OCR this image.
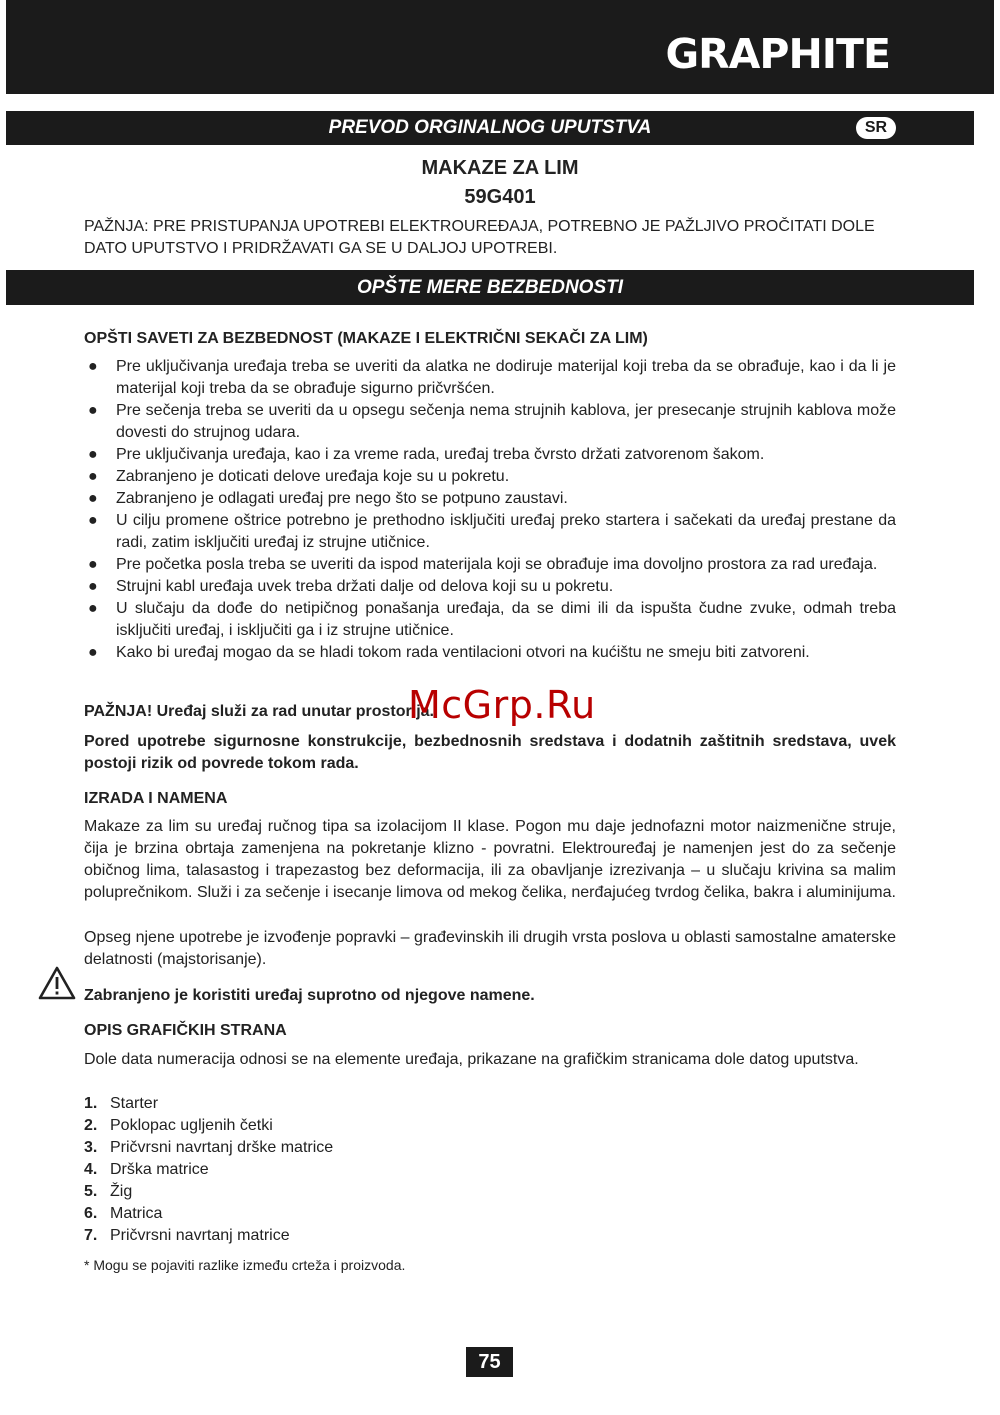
GRAPHITE
PREVOD ORGINALNOG UPUTSTVA	SR
MAKAZE ZA LIM
59G401
PAŽNJA: PRE PRISTUPANJA UPOTREBI ELEKTROUREĐAJA, POTREBNO JE PAŽLJIVO PROČITATI DOLE DATO UPUTSTVO I PRIDRŽAVATI GA SE U DALJOJ UPOTREBI.
OPŠTE MERE BEZBEDNOSTI
OPŠTI SAVETI ZA BEZBEDNOST (MAKAZE I ELEKTRIČNI SEKAČI ZA LIM)
● Pre uključivanja uređaja treba se uveriti da alatka ne dodiruje materijal koji treba da se obrađuje, kao i da li je materijal koji treba da se obrađuje sigurno pričvršćen.
● Pre sečenja treba se uveriti da u opsegu sečenja nema strujnih kablova, jer presecanje strujnih kablova može dovesti do strujnog udara.
● Pre uključivanja uređaja, kao i za vreme rada, uređaj treba čvrsto držati zatvorenom šakom.
● Zabranjeno je doticati delove uređaja koje su u pokretu.
● Zabranjeno je odlagati uređaj pre nego što se potpuno zaustavi.
● U cilju promene oštrice potrebno je prethodno isključiti uređaj preko startera i sačekati da uređaj prestane da radi, zatim isključiti uređaj iz strujne utičnice.
● Pre početka posla treba se uveriti da ispod materijala koji se obrađuje ima dovoljno prostora za rad uređaja.
● Strujni kabl uređaja uvek treba držati dalje od delova koji su u pokretu.
● U slučaju da dođe do netipičnog ponašanja uređaja, da se dimi ili da ispušta čudne zvuke, odmah treba isključiti uređaj, i isključiti ga i iz strujne utičnice.
● Kako bi uređaj mogao da se hladi tokom rada ventilacioni otvori na kućištu ne smeju biti zatvoreni.
PAŽNJA! Uređaj služi za rad unutar prostorija.
Pored upotrebe sigurnosne konstrukcije, bezbednosnih sredstava i dodatnih zaštitnih sredstava, uvek postoji rizik od povrede tokom rada.
IZRADA I NAMENA
Makaze za lim su uređaj ručnog tipa sa izolacijom II klase. Pogon mu daje jednofazni motor naizmenične struje, čija je brzina obrtaja zamenjena na pokretanje klizno - povratni. Elektrouređaj je namenjen jest do za sečenje običnog lima, talasastog i trapezastog bez deformacija, ili za obavljanje izrezivanja – u slučaju krivina sa malim poluprečnikom. Služi i za sečenje i isecanje limova od mekog čelika, nerđajućeg tvrdog čelika, bakra i aluminijuma.
Opseg njene upotrebe je izvođenje popravki – građevinskih ili drugih vrsta poslova u oblasti samostalne amaterske delatnosti (majstorisanje).
Zabranjeno je koristiti uređaj suprotno od njegove namene.
OPIS GRAFIČKIH STRANA
Dole data numeracija odnosi se na elemente uređaja, prikazane na grafičkim stranicama dole datog uputstva.
1. Starter
2. Poklopac ugljenih četki
3. Pričvrsni navrtanj drške matrice
4. Drška matrice
5. Žig
6. Matrica
7. Pričvrsni navrtanj matrice
* Mogu se pojaviti razlike između crteža i proizvoda.
McGrp.Ru
75
